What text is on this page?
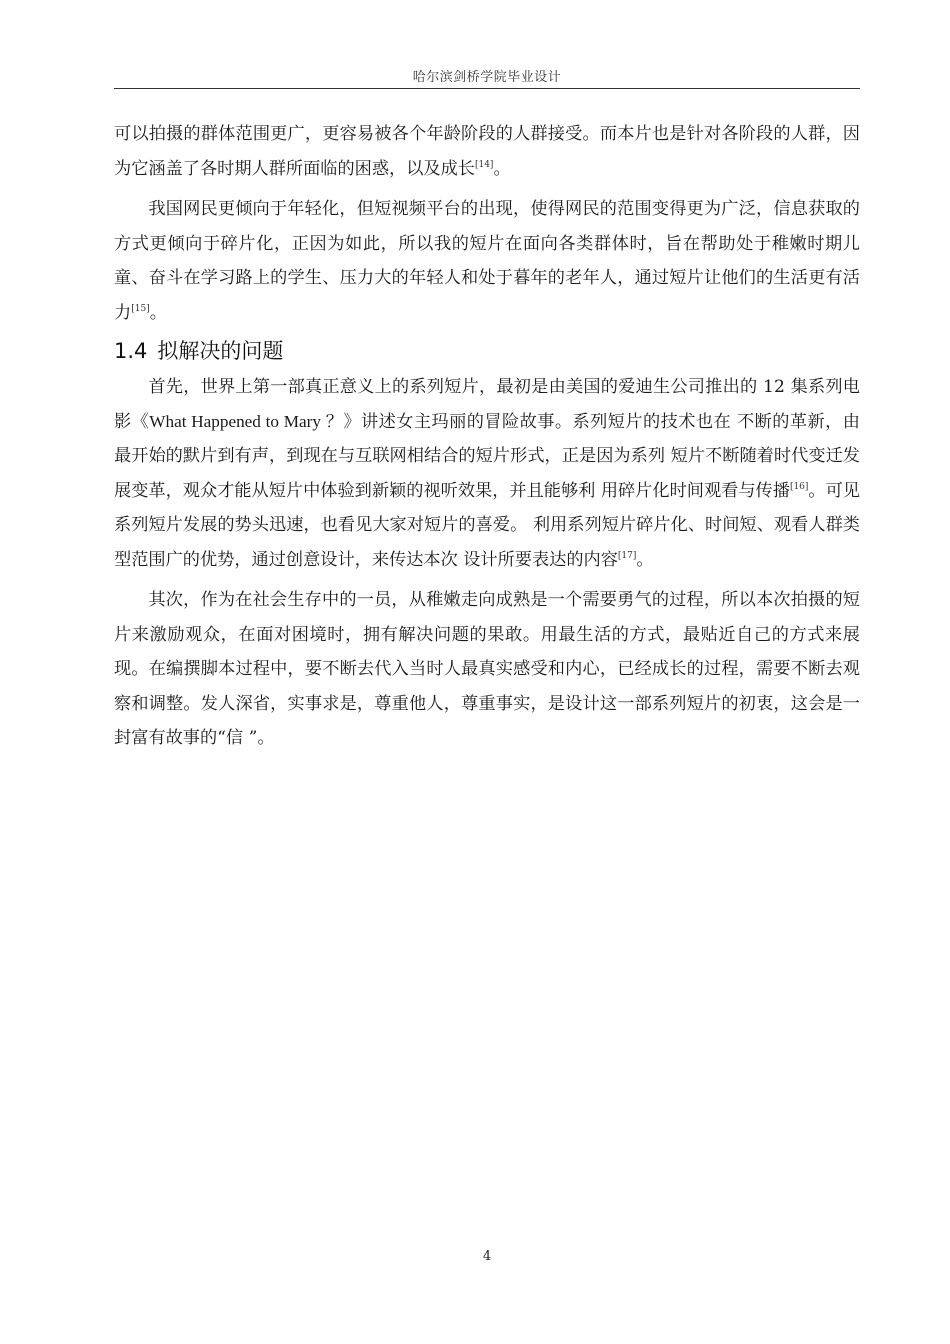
哈尔滨剑桥学院毕业设计

可以拍摄的群体范围更广，更容易被各个年龄阶段的人群接受。而本片也是针对各阶段的人群，因为它涵盖了各时期人群所面临的困惑，以及成长[14]。

我国网民更倾向于年轻化，但短视频平台的出现，使得网民的范围变得更为广泛，信息获取的方式更倾向于碎片化，正因为如此，所以我的短片在面向各类群体时，旨在帮助处于稚嫩时期儿童、奋斗在学习路上的学生、压力大的年轻人和处于暮年的老年人，通过短片让他们的生活更有活力[15]。

1.4 拟解决的问题

首先，世界上第一部真正意义上的系列短片，最初是由美国的爱迪生公司推出的 12 集系列电影《What Happened to Mary ？》讲述女主玛丽的冒险故事。系列短片的技术也在 不断的革新，由最开始的默片到有声，到现在与互联网相结合的短片形式，正是因为系列 短片不断随着时代变迁发展变革，观众才能从短片中体验到新颖的视听效果，并且能够利 用碎片化时间观看与传播[16]。可见系列短片发展的势头迅速，也看见大家对短片的喜爱。 利用系列短片碎片化、时间短、观看人群类型范围广的优势，通过创意设计，来传达本次 设计所要表达的内容[17]。

其次，作为在社会生存中的一员，从稚嫩走向成熟是一个需要勇气的过程，所以本次拍摄的短片来激励观众，在面对困境时，拥有解决问题的果敢。用最生活的方式，最贴近自己的方式来展现。在编撰脚本过程中，要不断去代入当时人最真实感受和内心，已经成长的过程，需要不断去观察和调整。发人深省，实事求是，尊重他人，尊重事实，是设计这一部系列短片的初衷，这会是一封富有故事的“信 ”。

4
